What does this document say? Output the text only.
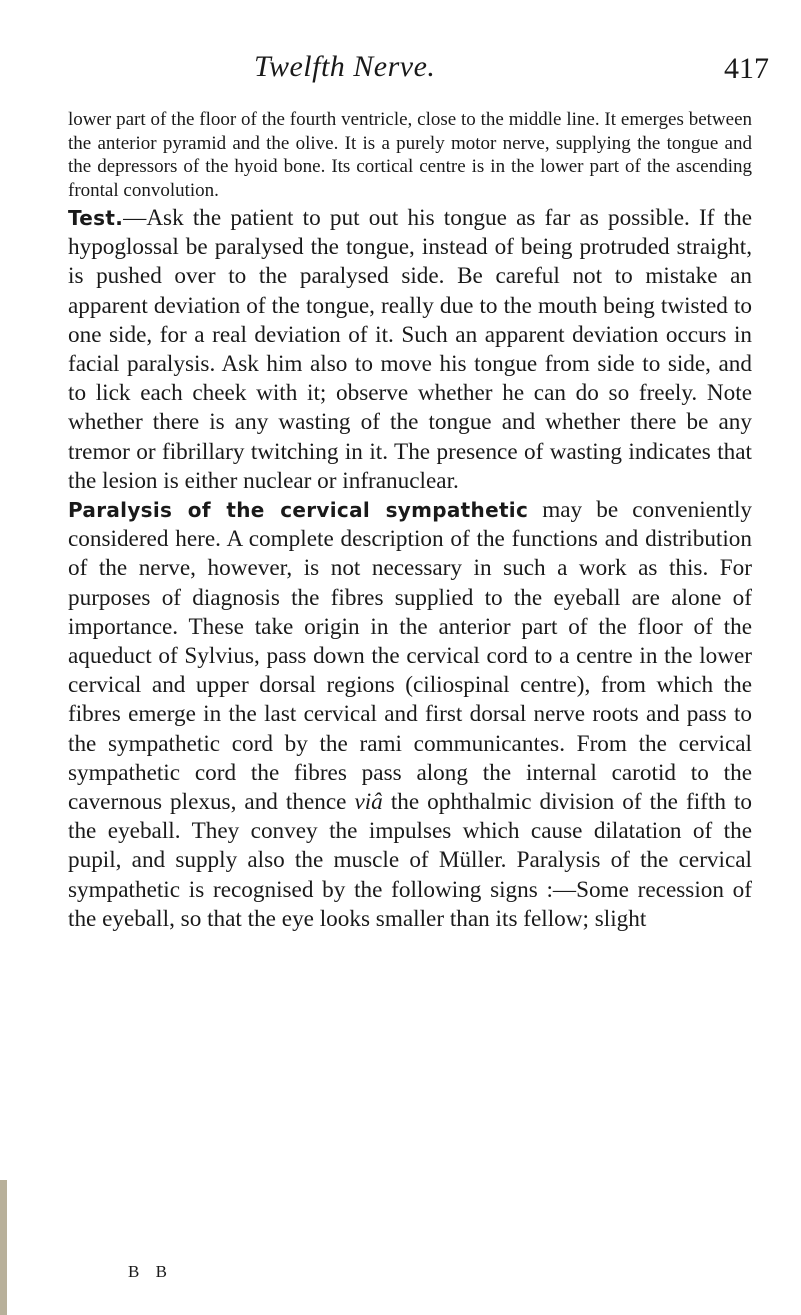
Twelfth Nerve.	417

lower part of the floor of the fourth ventricle, close to the middle line. It emerges between the anterior pyramid and the olive. It is a purely motor nerve, supplying the tongue and the depressors of the hyoid bone. Its cortical centre is in the lower part of the ascending frontal convolution.

Test.—Ask the patient to put out his tongue as far as possible. If the hypoglossal be paralysed the tongue, instead of being protruded straight, is pushed over to the paralysed side. Be careful not to mistake an apparent deviation of the tongue, really due to the mouth being twisted to one side, for a real deviation of it. Such an apparent deviation occurs in facial paralysis. Ask him also to move his tongue from side to side, and to lick each cheek with it; observe whether he can do so freely. Note whether there is any wasting of the tongue and whether there be any tremor or fibrillary twitching in it. The presence of wasting indicates that the lesion is either nuclear or infranuclear.

Paralysis of the cervical sympathetic may be conveniently considered here. A complete description of the functions and distribution of the nerve, however, is not necessary in such a work as this. For purposes of diagnosis the fibres supplied to the eyeball are alone of importance. These take origin in the anterior part of the floor of the aqueduct of Sylvius, pass down the cervical cord to a centre in the lower cervical and upper dorsal regions (ciliospinal centre), from which the fibres emerge in the last cervical and first dorsal nerve roots and pass to the sympathetic cord by the rami communicantes. From the cervical sympathetic cord the fibres pass along the internal carotid to the cavernous plexus, and thence viâ the ophthalmic division of the fifth to the eyeball. They convey the impulses which cause dilatation of the pupil, and supply also the muscle of Müller. Paralysis of the cervical sympathetic is recognised by the following signs :—Some recession of the eyeball, so that the eye looks smaller than its fellow; slight

B B
